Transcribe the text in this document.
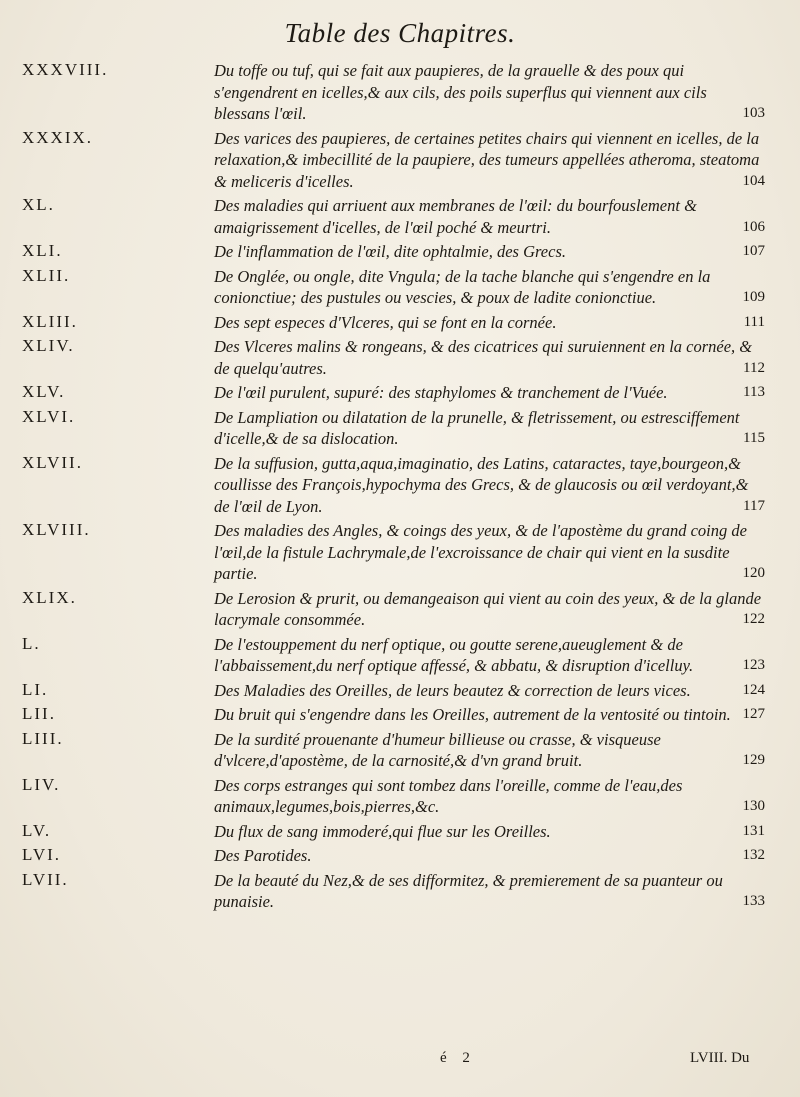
Table des Chapitres.
XXXVIII.	Du toffe ou tuf, qui se fait aux paupieres, de la grauelle & des poux qui s'engendrent en icelles,& aux cils, des poils superflus qui viennent aux cils blessans l'œil.	103
XXXIX.	Des varices des paupieres, de certaines petites chairs qui viennent en icelles, de la relaxation,& imbecillité de la paupiere, des tumeurs appellées atheroma, steatoma & meliceris d'icelles.	104
XL.	Des maladies qui arriuent aux membranes de l'œil: du bourfouslement & amaigrissement d'icelles, de l'œil poché & meurtri.	106
XLI.	De l'inflammation de l'œil, dite ophtalmie, des Grecs.	107
XLII.	De Onglée, ou ongle, dite Vngula; de la tache blanche qui s'engendre en la conionctiue; des pustules ou vescies, & poux de ladite conionctiue.	109
XLIII.	Des sept especes d'Vlceres, qui se font en la cornée.	111
XLIV.	Des Vlceres malins & rongeans, & des cicatrices qui suruiennent en la cornée, & de quelqu'autres.	112
XLV.	De l'œil purulent, supuré: des staphylomes & tranchement de l'Vuée.	113
XLVI.	De Lampliation ou dilatation de la prunelle, & fletrissement, ou estresciffement d'icelle,& de sa dislocation.	115
XLVII.	De la suffusion, gutta,aqua,imaginatio, des Latins, cataractes, taye,bourgeon,& coullisse des François,hypochyma des Grecs, & de glaucosis ou œil verdoyant,& de l'œil de Lyon.	117
XLVIII.	Des maladies des Angles, & coings des yeux, & de l'apostème du grand coing de l'œil,de la fistule Lachrymale,de l'excroissance de chair qui vient en la susdite partie.	120
XLIX.	De Lerosion & prurit, ou demangeaison qui vient au coin des yeux, & de la glande lacrymale consommée.	122
L.	De l'estouppement du nerf optique, ou goutte serene,aueuglement & de l'abbaissement,du nerf optique affessé, & abbatu, & disruption d'icelluy.	123
LI.	Des Maladies des Oreilles, de leurs beautez & correction de leurs vices.	124
LII.	Du bruit qui s'engendre dans les Oreilles, autrement de la ventosité ou tintoin. 127
LIII.	De la surdité prouenante d'humeur billieuse ou crasse, & visqueuse d'vlcere,d'apostème, de la carnosité,& d'vn grand bruit.	129
LIV.	Des corps estranges qui sont tombez dans l'oreille, comme de l'eau,des animaux,legumes,bois,pierres,&c.	130
LV.	Du flux de sang immoderé,qui flue sur les Oreilles.	131
LVI.	Des Parotides.	132
LVII.	De la beauté du Nez,& de ses difformitez, & premierement de sa puanteur ou punaisie.	133
é 2	LVIII. Du
